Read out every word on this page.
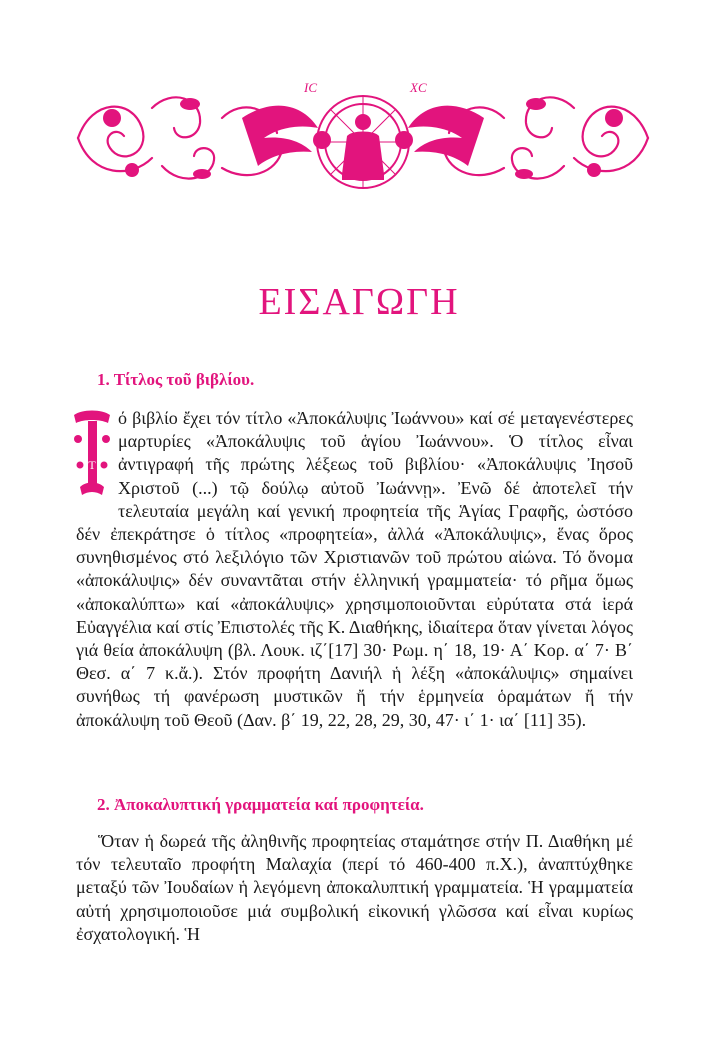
IC	XC
ΕΙΣΑΓΩΓΗ
1. Τίτλος τοῦ βιβλίου.

Τ
ό βιβλίο ἔχει τόν τίτλο «Ἀποκάλυψις Ἰωάννου» καί σέ μεταγενέστερες μαρτυρίες «Ἀποκάλυψις τοῦ ἁγίου Ἰωάννου». Ὁ τίτλος εἶναι ἀντιγραφή τῆς πρώτης λέξεως τοῦ βιβλίου· «Ἀποκάλυψις Ἰησοῦ Χριστοῦ (...) τῷ δούλῳ αὐτοῦ Ἰωάννῃ». Ἐνῶ δέ ἀποτελεῖ τήν τελευταία μεγάλη καί γενική προφητεία τῆς Ἁγίας Γραφῆς, ὡστόσο δέν ἐπεκράτησε ὁ τίτλος «προφητεία», ἀλλά «Ἀποκάλυψις», ἕνας ὅρος συνηθισμένος στό λεξιλόγιο τῶν Χριστιανῶν τοῦ πρώτου αἰώνα. Τό ὄνομα «ἀποκάλυψις» δέν συναντᾶται στήν ἑλληνική γραμματεία· τό ρῆμα ὅμως «ἀποκαλύπτω» καί «ἀποκάλυψις» χρησιμοποιοῦνται εὐρύτατα στά ἱερά Εὐαγγέλια καί στίς Ἐπιστολές τῆς Κ. Διαθήκης, ἰδιαίτερα ὅταν γίνεται λόγος γιά θεία ἀποκάλυψη (βλ. Λουκ. ιζ΄[17] 30· Ρωμ. η΄ 18, 19· Α΄ Κορ. α΄ 7· Β΄ Θεσ. α΄ 7 κ.ἄ.). Στόν προφήτη Δανιήλ ἡ λέξη «ἀποκάλυψις» σημαίνει συνήθως τή φανέρωση μυστικῶν ἤ τήν ἑρμηνεία ὁραμάτων ἤ τήν ἀποκάλυψη τοῦ Θεοῦ (Δαν. β΄ 19, 22, 28, 29, 30, 47· ι΄ 1· ια΄ [11] 35).

2. Ἀποκαλυπτική γραμματεία καί προφητεία.

Ὅταν ἡ δωρεά τῆς ἀληθινῆς προφητείας σταμάτησε στήν Π. Διαθήκη μέ τόν τελευταῖο προφήτη Μαλαχία (περί τό 460-400 π.Χ.), ἀναπτύχθηκε μεταξύ τῶν Ἰουδαίων ἡ λεγόμενη ἀποκαλυπτική γραμματεία. Ἡ γραμματεία αὐτή χρησιμοποιοῦσε μιά συμβολική εἰκονική γλῶσσα καί εἶναι κυρίως ἐσχατολογική. Ἡ
